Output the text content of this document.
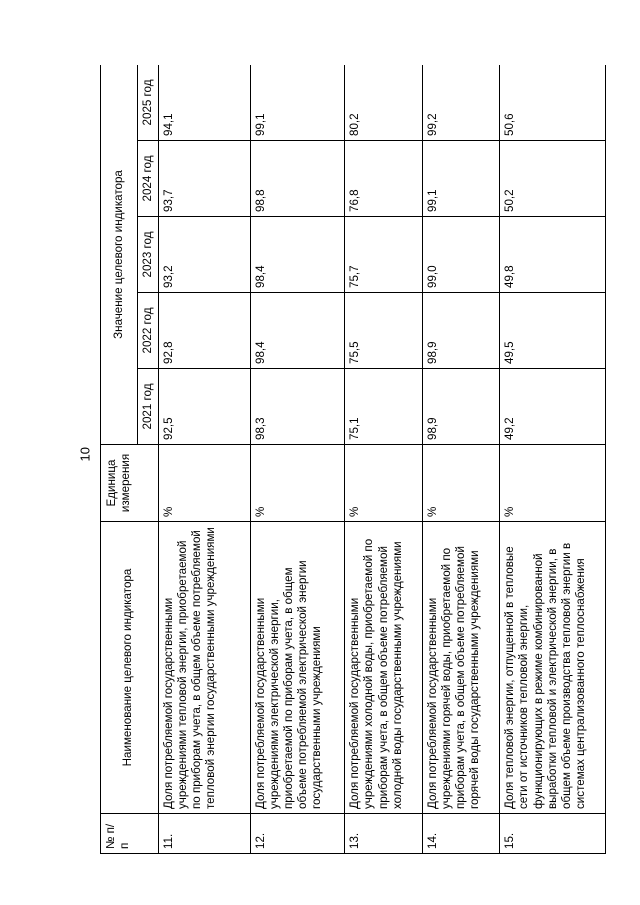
10
№ п/п	Наименование целевого индикатора	Единица измерения	Значение целевого индикатора				
			2021 год	2022 год	2023 год	2024 год	2025 год
11.	Доля потребляемой государственными учреждениями тепловой энергии, приобретаемой по приборам учета, в общем объеме потребляемой тепловой энергии государственными учреждениями	%	92,5	92,8	93,2	93,7	94,1
12.	Доля потребляемой государственными учреждениями электрической энергии, приобретаемой по приборам учета, в общем объеме потребляемой электрической энергии государственными учреждениями	%	98,3	98,4	98,4	98,8	99,1
13.	Доля потребляемой государственными учреждениями холодной воды, приобретаемой по приборам учета, в общем объеме потребляемой холодной воды государственными учреждениями	%	75,1	75,5	75,7	76,8	80,2
14.	Доля потребляемой государственными учреждениями горячей воды, приобретаемой по приборам учета, в общем объеме потребляемой горячей воды государственными учреждениями	%	98,9	98,9	99,0	99,1	99,2
15.	Доля тепловой энергии, отпущенной в тепловые сети от источников тепловой энергии, функционирующих в режиме комбинированной выработки тепловой и электрической энергии, в общем объеме производства тепловой энергии в системах централизованного теплоснабжения	%	49,2	49,5	49,8	50,2	50,6
